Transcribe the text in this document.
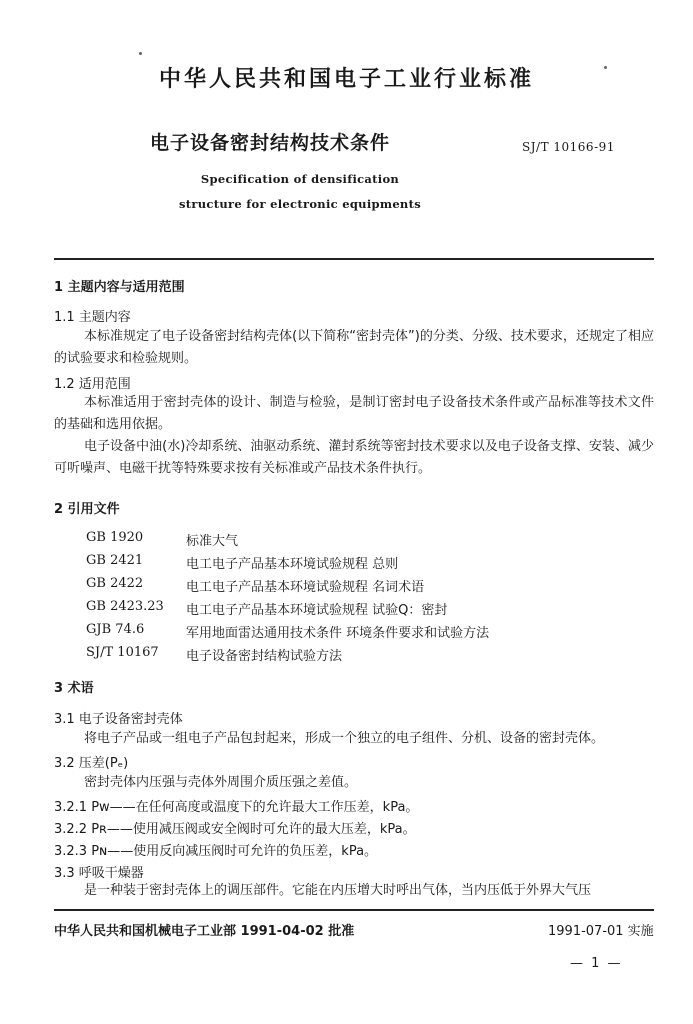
中华人民共和国电子工业行业标准
电子设备密封结构技术条件	SJ/T 10166-91
Specification of densification
structure for electronic equipments
1 主题内容与适用范围
1.1 主题内容
本标准规定了电子设备密封结构壳体(以下简称“密封壳体”)的分类、分级、技术要求，还规定了相应的试验要求和检验规则。
1.2 适用范围
本标准适用于密封壳体的设计、制造与检验，是制订密封电子设备技术条件或产品标准等技术文件的基础和选用依据。
电子设备中油(水)冷却系统、油驱动系统、灌封系统等密封技术要求以及电子设备支撑、安装、减少可听噪声、电磁干扰等特殊要求按有关标准或产品技术条件执行。
2 引用文件
GB 1920	标准大气
GB 2421	电工电子产品基本环境试验规程 总则
GB 2422	电工电子产品基本环境试验规程 名词术语
GB 2423.23 电工电子产品基本环境试验规程 试验Q：密封
GJB 74.6	军用地面雷达通用技术条件 环境条件要求和试验方法
SJ/T 10167 电子设备密封结构试验方法
3 术语
3.1 电子设备密封壳体
将电子产品或一组电子产品包封起来，形成一个独立的电子组件、分机、设备的密封壳体。
3.2 压差(Pₑ)
密封壳体内压强与壳体外周围介质压强之差值。
3.2.1 Pᴡ——在任何高度或温度下的允许最大工作压差，kPa。
3.2.2 Pʀ——使用减压阀或安全阀时可允许的最大压差，kPa。
3.2.3 Pɴ——使用反向减压阀时可允许的负压差，kPa。
3.3 呼吸干燥器
是一种装于密封壳体上的调压部件。它能在内压增大时呼出气体，当内压低于外界大气压
中华人民共和国机械电子工业部 1991-04-02 批准	1991-07-01 实施
— 1 —
